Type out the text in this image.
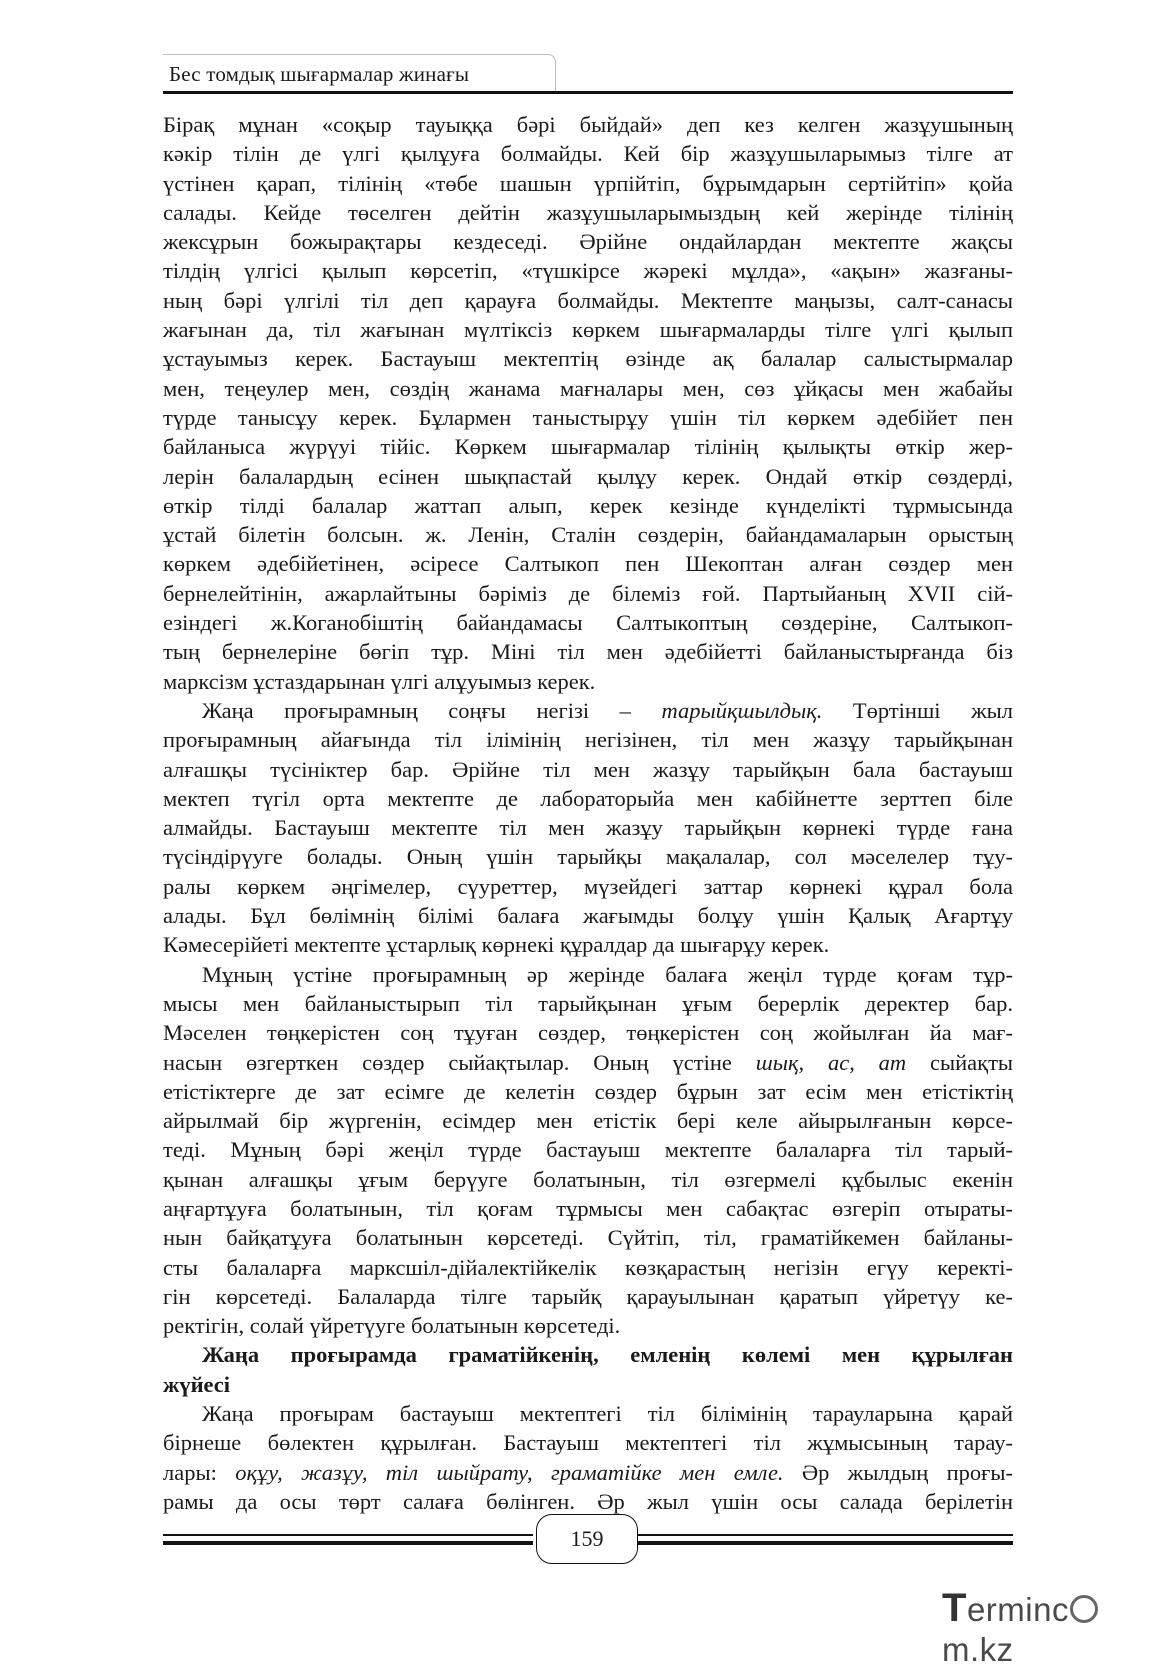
Бес томдық шығармалар жинағы

Бірақ мұнан «соқыр тауыққа бәрі быйдай» деп кез келген жазұушының
кәкір тілін де үлгі қылұуға болмайды. Кей бір жазұушыларымыз тілге ат
үстінен қарап, тілінің «төбе шашын үрпійтіп, бұрымдарын сертійтіп» қойа
салады. Кейде төселген дейтін жазұушыларымыздың кей жерінде тілінің
жексұрын божырақтары кездеседі. Әрійне ондайлардан мектепте жақсы
тілдің үлгісі қылып көрсетіп, «түшкірсе жәрекі мұлда», «ақын» жазғаны-
ның бәрі үлгілі тіл деп қарауға болмайды. Мектепте маңызы, салт-санасы
жағынан да, тіл жағынан мүлтіксіз көркем шығармаларды тілге үлгі қылып
ұстауымыз керек. Бастауыш мектептің өзінде ақ балалар салыстырмалар
мен, теңеулер мен, сөздің жанама мағналары мен, сөз ұйқасы мен жабайы
түрде танысұу керек. Бұлармен таныстырұу үшін тіл көркем әдебійет пен
байланыса жүрүуі тійіс. Көркем шығармалар тілінің қылықты өткір жер-
лерін балалардың есінен шықпастай қылұу керек. Ондай өткір сөздерді,
өткір тілді балалар жаттап алып, керек кезінде күнделікті тұрмысында
ұстай білетін болсын. ж. Ленін, Сталін сөздерін, байандамаларын орыстың
көркем әдебійетінен, әсіресе Салтыкоп пен Шекоптан алған сөздер мен
бернелейтінін, ажарлайтыны бәріміз де білеміз ғой. Партыйаның XVII сій-
езіндегі ж.Коганобіштің байандамасы Салтыкоптың сөздеріне, Салтыкоп-
тың бернелеріне бөгіп тұр. Міні тіл мен әдебійетті байланыстырғанда біз
марксізм ұстаздарынан үлгі алұуымыз керек.

Жаңа прoғырамның соңғы негізі – тарыйқшылдық. Төртінші жыл
прoғырамның айағында тіл ілімінің негізінен, тіл мен жазұу тарыйқынан
алғашқы түсініктер бар. Әрійне тіл мен жазұу тарыйқын бала бастауыш
мектеп түгіл орта мектепте де лабораторыйа мен кабійнетте зерттеп біле
алмайды. Бастауыш мектепте тіл мен жазұу тарыйқын көрнекі түрде ғана
түсіндірүуге болады. Оның үшін тарыйқы мақалалар, сол мәселелер тұу-
ралы көркем әңгімелер, сүуреттер, мүзейдегі заттар көрнекі құрал бола
алады. Бұл бөлімнің білімі балаға жағымды болұу үшін Қалық Ағартұу
Кәмесерійеті мектепте ұстарлық көрнекі құралдар да шығарұу керек.

Мұның үстіне прoғырамның әр жерінде балаға жеңіл түрде қоғам тұр-
мысы мен байланыстырып тіл тарыйқынан ұғым берерлік деректер бар.
Мәселен төңкерістен соң тұуған сөздер, төңкерістен соң жойылған йа мағ-
насын өзгерткен сөздер сыйақтылар. Оның үстіне шық, ас, ат сыйақты
етістіктерге де зат есімге де келетін сөздер бұрын зат есім мен етістіктің
айрылмай бір жүргенін, есімдер мен етістік бері келе айырылғанын көрсе-
теді. Мұның бәрі жеңіл түрде бастауыш мектепте балаларға тіл тарый-
қынан алғашқы ұғым берүуге болатынын, тіл өзгермелі құбылыс екенін
аңғартұуға болатынын, тіл қоғам тұрмысы мен сабақтас өзгеріп отыраты-
нын байқатұуға болатынын көрсетеді. Сүйтіп, тіл, граматійкемен байланы-
сты балаларға марксшіл-дійалектійкелік көзқарастың негізін егүу керекті-
гін көрсетеді. Балаларда тілге тарыйқ қарауылынан қаратып үйретүу ке-
ректігін, солай үйретүуге болатынын көрсетеді.

Жаңа прoғырамда граматійкенің, емленің көлемі мен құрылған
жүйесі

Жаңа прoғырам бастауыш мектептегі тіл білімінің тарауларына қарай
бірнеше бөлектен құрылған. Бастауыш мектептегі тіл жұмысының тарау-
лары: оқұу, жазұу, тіл шыйрату, граматійке мен емле. Әр жылдың прoғы-
рамы да осы төрт салаға бөлінген. Әр жыл үшін осы салада берілетін

159
Termincm.kz
